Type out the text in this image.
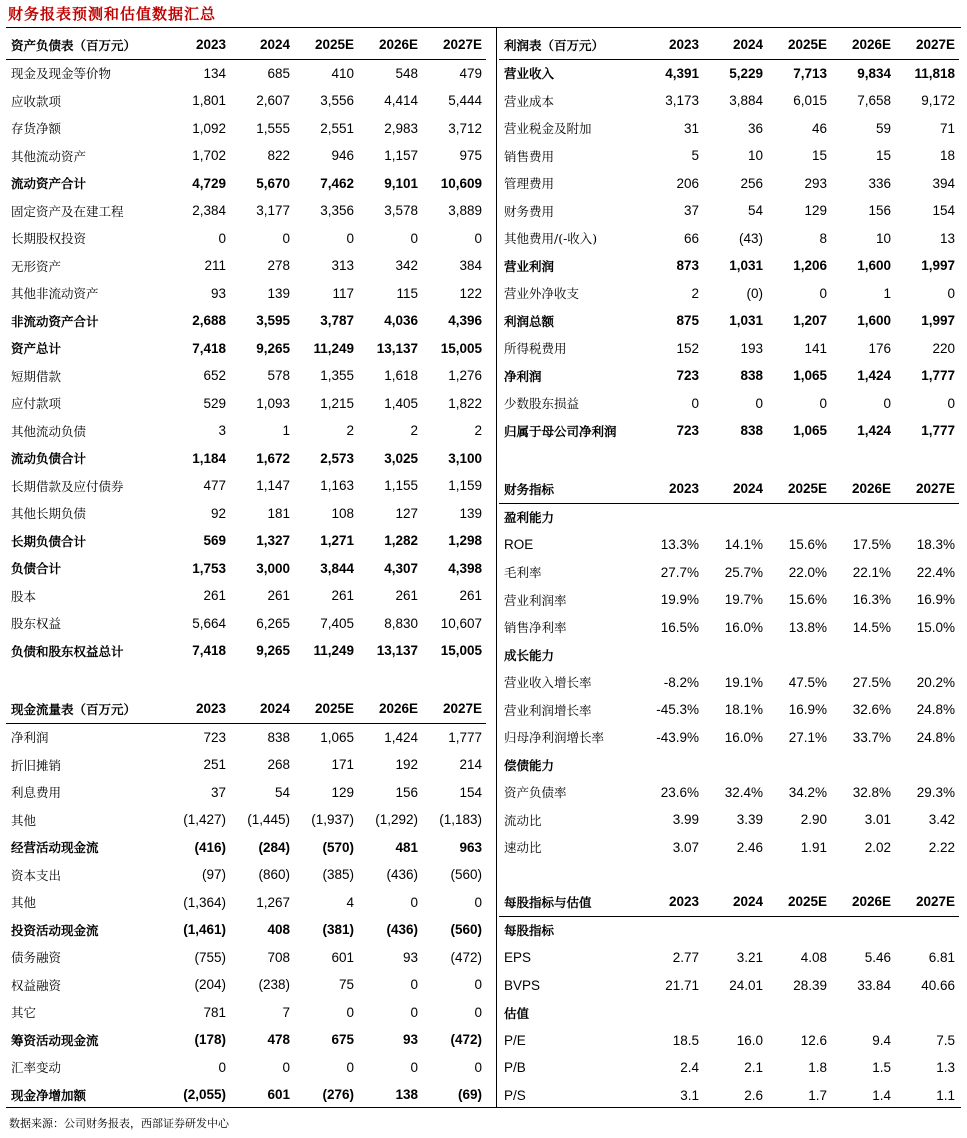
财务报表预测和估值数据汇总
资产负债表（百万元）	2023	2024	2025E	2026E	2027E
现金及现金等价物	134	685	410	548	479
应收款项	1,801	2,607	3,556	4,414	5,444
存货净额	1,092	1,555	2,551	2,983	3,712
其他流动资产	1,702	822	946	1,157	975
流动资产合计	4,729	5,670	7,462	9,101	10,609
固定资产及在建工程	2,384	3,177	3,356	3,578	3,889
长期股权投资	0	0	0	0	0
无形资产	211	278	313	342	384
其他非流动资产	93	139	117	115	122
非流动资产合计	2,688	3,595	3,787	4,036	4,396
资产总计	7,418	9,265	11,249	13,137	15,005
短期借款	652	578	1,355	1,618	1,276
应付款项	529	1,093	1,215	1,405	1,822
其他流动负债	3	1	2	2	2
流动负债合计	1,184	1,672	2,573	3,025	3,100
长期借款及应付债券	477	1,147	1,163	1,155	1,159
其他长期负债	92	181	108	127	139
长期负债合计	569	1,327	1,271	1,282	1,298
负债合计	1,753	3,000	3,844	4,307	4,398
股本	261	261	261	261	261
股东权益	5,664	6,265	7,405	8,830	10,607
负债和股东权益总计	7,418	9,265	11,249	13,137	15,005
现金流量表（百万元）	2023	2024	2025E	2026E	2027E
净利润	723	838	1,065	1,424	1,777
折旧摊销	251	268	171	192	214
利息费用	37	54	129	156	154
其他	(1,427)	(1,445)	(1,937)	(1,292)	(1,183)
经营活动现金流	(416)	(284)	(570)	481	963
资本支出	(97)	(860)	(385)	(436)	(560)
其他	(1,364)	1,267	4	0	0
投资活动现金流	(1,461)	408	(381)	(436)	(560)
债务融资	(755)	708	601	93	(472)
权益融资	(204)	(238)	75	0	0
其它	781	7	0	0	0
筹资活动现金流	(178)	478	675	93	(472)
汇率变动	0	0	0	0	0
现金净增加额	(2,055)	601	(276)	138	(69)
利润表（百万元）	2023	2024	2025E	2026E	2027E
营业收入	4,391	5,229	7,713	9,834	11,818
营业成本	3,173	3,884	6,015	7,658	9,172
营业税金及附加	31	36	46	59	71
销售费用	5	10	15	15	18
管理费用	206	256	293	336	394
财务费用	37	54	129	156	154
其他费用/(-收入)	66	(43)	8	10	13
营业利润	873	1,031	1,206	1,600	1,997
营业外净收支	2	(0)	0	1	0
利润总额	875	1,031	1,207	1,600	1,997
所得税费用	152	193	141	176	220
净利润	723	838	1,065	1,424	1,777
少数股东损益	0	0	0	0	0
归属于母公司净利润	723	838	1,065	1,424	1,777
财务指标	2023	2024	2025E	2026E	2027E
盈利能力					
ROE	13.3%	14.1%	15.6%	17.5%	18.3%
毛利率	27.7%	25.7%	22.0%	22.1%	22.4%
营业利润率	19.9%	19.7%	15.6%	16.3%	16.9%
销售净利率	16.5%	16.0%	13.8%	14.5%	15.0%
成长能力					
营业收入增长率	-8.2%	19.1%	47.5%	27.5%	20.2%
营业利润增长率	-45.3%	18.1%	16.9%	32.6%	24.8%
归母净利润增长率	-43.9%	16.0%	27.1%	33.7%	24.8%
偿债能力					
资产负债率	23.6%	32.4%	34.2%	32.8%	29.3%
流动比	3.99	3.39	2.90	3.01	3.42
速动比	3.07	2.46	1.91	2.02	2.22
每股指标与估值	2023	2024	2025E	2026E	2027E
每股指标					
EPS	2.77	3.21	4.08	5.46	6.81
BVPS	21.71	24.01	28.39	33.84	40.66
估值					
P/E	18.5	16.0	12.6	9.4	7.5
P/B	2.4	2.1	1.8	1.5	1.3
P/S	3.1	2.6	1.7	1.4	1.1
数据来源：公司财务报表，西部证券研发中心
